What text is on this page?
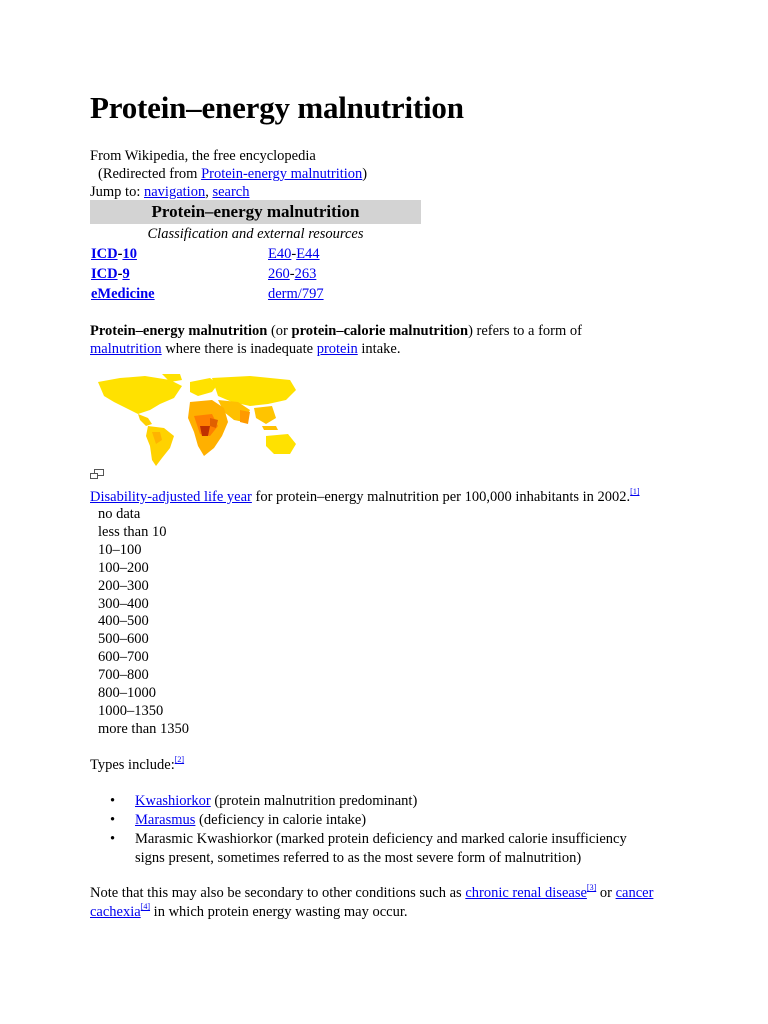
Protein–energy malnutrition
From Wikipedia, the free encyclopedia
(Redirected from Protein-energy malnutrition)
Jump to: navigation, search
Protein–energy malnutrition
Classification and external resources
ICD-10	E40-E44
ICD-9	260-263
eMedicine	derm/797
Protein–energy malnutrition (or protein–calorie malnutrition) refers to a form of
malnutrition where there is inadequate protein intake.
Disability-adjusted life year for protein–energy malnutrition per 100,000 inhabitants in 2002.[1]
no data
less than 10
10–100
100–200
200–300
300–400
400–500
500–600
600–700
700–800
800–1000
1000–1350
more than 1350
Types include:[2]
• Kwashiorkor (protein malnutrition predominant)
• Marasmus (deficiency in calorie intake)
• Marasmic Kwashiorkor (marked protein deficiency and marked calorie insufficiency signs present, sometimes referred to as the most severe form of malnutrition)
Note that this may also be secondary to other conditions such as chronic renal disease[3] or cancer
cachexia[4] in which protein energy wasting may occur.
